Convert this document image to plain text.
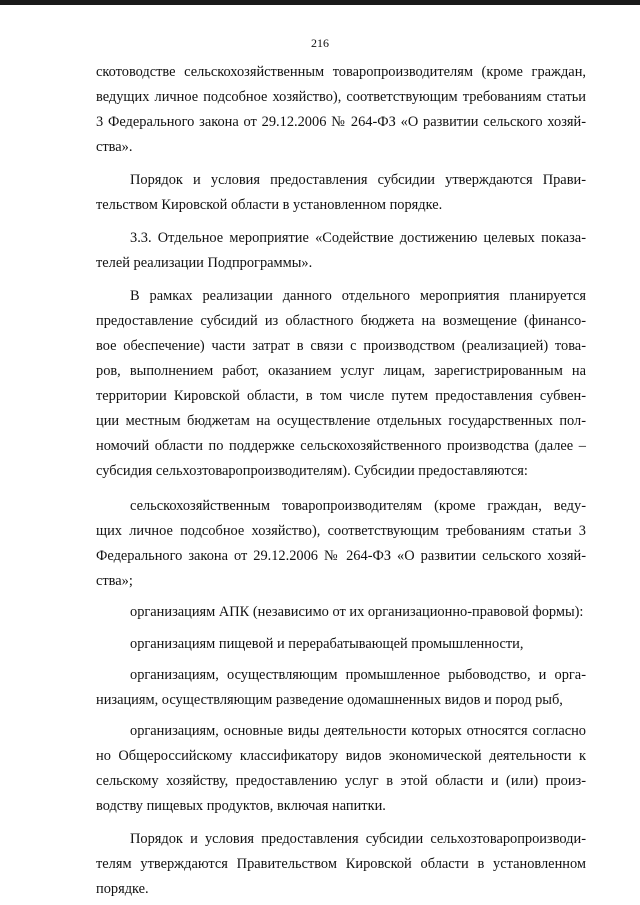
216

скотоводстве сельскохозяйственным товаропроизводителям (кроме граждан,
ведущих личное подсобное хозяйство), соответствующим требованиям статьи
3 Федерального закона от 29.12.2006 № 264-ФЗ «О развитии сельского хозяй-
ства».

Порядок и условия предоставления субсидии утверждаются Прави-
тельством Кировской области в установленном порядке.

3.3. Отдельное мероприятие «Содействие достижению целевых показа-
телей реализации Подпрограммы».

В рамках реализации данного отдельного мероприятия планируется
предоставление субсидий из областного бюджета на возмещение (финансо-
вое обеспечение) части затрат в связи с производством (реализацией) това-
ров, выполнением работ, оказанием услуг лицам, зарегистрированным на
территории Кировской области, в том числе путем предоставления субвен-
ции местным бюджетам на осуществление отдельных государственных пол-
номочий области по поддержке сельскохозяйственного производства (далее –
субсидия сельхозтоваропроизводителям). Субсидии предоставляются:

сельскохозяйственным товаропроизводителям (кроме граждан, веду-
щих личное подсобное хозяйство), соответствующим требованиям статьи 3
Федерального закона от 29.12.2006 № 264-ФЗ «О развитии сельского хозяй-
ства»;

организациям АПК (независимо от их организационно-правовой формы):

организациям пищевой и перерабатывающей промышленности,

организациям, осуществляющим промышленное рыбоводство, и орга-
низациям, осуществляющим разведение одомашненных видов и пород рыб,

организациям, основные виды деятельности которых относятся согласно
но Общероссийскому классификатору видов экономической деятельности к
сельскому хозяйству, предоставлению услуг в этой области и (или) произ-
водству пищевых продуктов, включая напитки.

Порядок и условия предоставления субсидии сельхозтоваропроизводи-
телям утверждаются Правительством Кировской области в установленном
порядке.
